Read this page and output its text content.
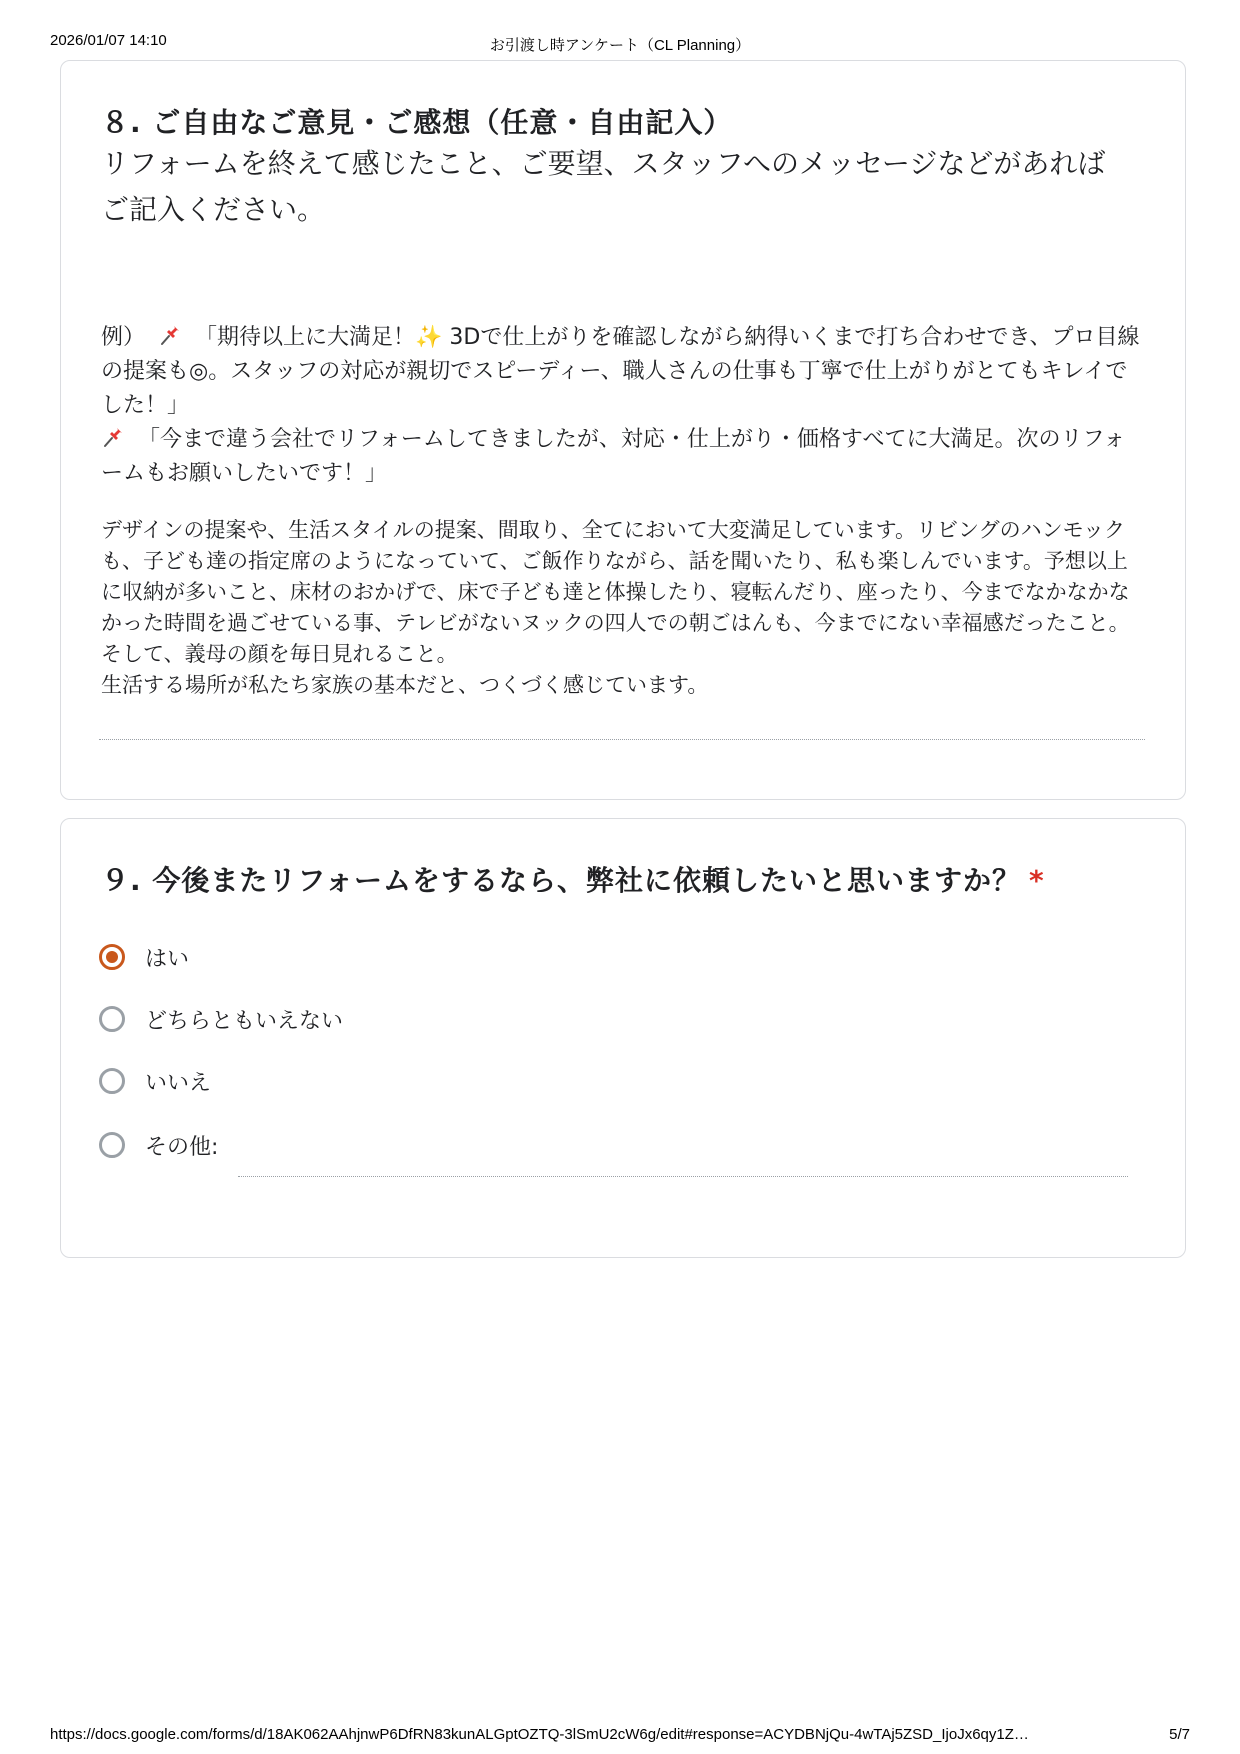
2026/01/07 14:10	お引渡し時アンケート（CL Planning）
８. ご自由なご意見・ご感想（任意・自由記入）
リフォームを終えて感じたこと、ご要望、スタッフへのメッセージなどがあればご記入ください。
例） 「期待以上に大満足！✨ 3Dで仕上がりを確認しながら納得いくまで打ち合わせでき、プロ目線の提案も◎。スタッフの対応が親切でスピーディー、職人さんの仕事も丁寧で仕上がりがとてもキレイでした！」
「今まで違う会社でリフォームしてきましたが、対応・仕上がり・価格すべてに大満足。次のリフォームもお願いしたいです！」
デザインの提案や、生活スタイルの提案、間取り、全てにおいて大変満足しています。リビングのハンモックも、子ども達の指定席のようになっていて、ご飯作りながら、話を聞いたり、私も楽しんでいます。予想以上に収納が多いこと、床材のおかげで、床で子ども達と体操したり、寝転んだり、座ったり、今までなかなかなかった時間を過ごせている事、テレビがないヌックの四人での朝ごはんも、今までにない幸福感だったこと。
そして、義母の顔を毎日見れること。
生活する場所が私たち家族の基本だと、つくづく感じています。
９. 今後またリフォームをするなら、弊社に依頼したいと思いますか？ *
はい
どちらともいえない
いいえ
その他:
https://docs.google.com/forms/d/18AK062AAhjnwP6DfRN83kunALGptOZTQ-3lSmU2cW6g/edit#response=ACYDBNjQu-4wTAj5ZSD_IjoJx6qy1Z…	5/7
